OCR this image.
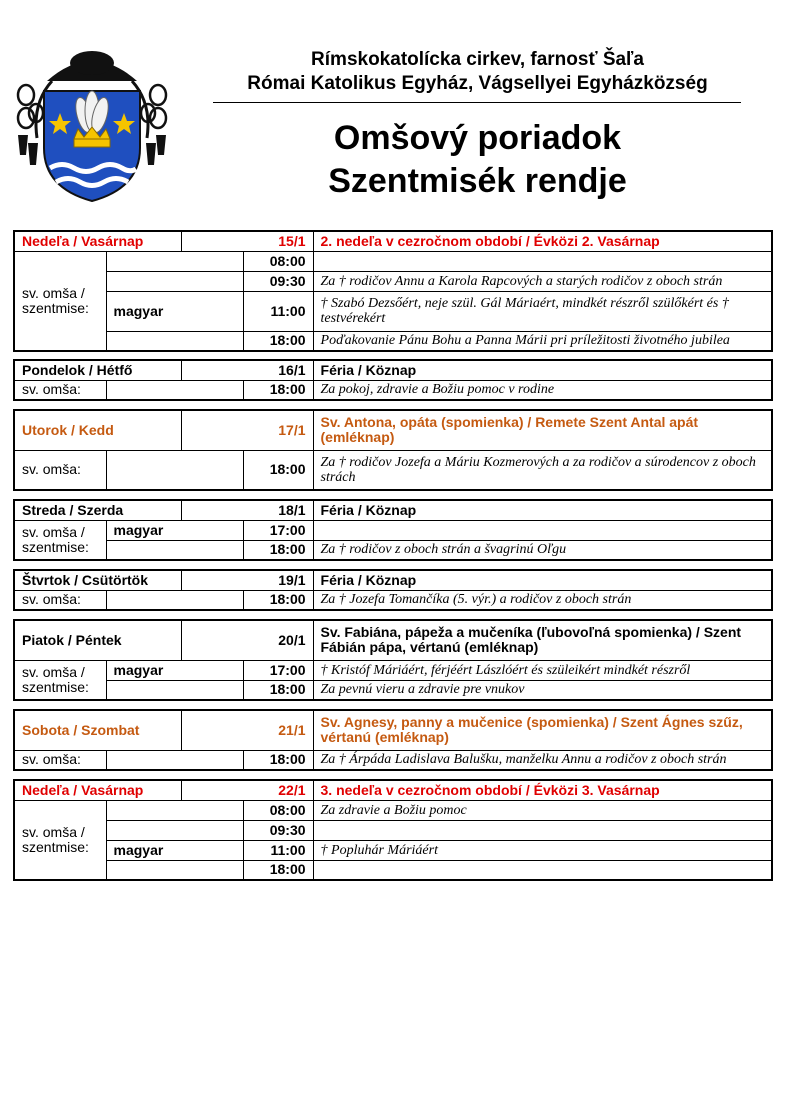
Rímskokatolícka cirkev, farnosť Šaľa
Római Katolikus Egyház, Vágsellyei Egyházközség
Omšový poriadok
Szentmisék rendje
Nedeľa / Vasárnap		15/1		2. nedeľa v cezročnom období / Évközi 2. Vasárnap
sv. omša / szentmise:			08:00	
			09:30	Za † rodičov Annu a Karola Rapcových a starých rodičov z oboch strán
	magyar		11:00	† Szabó Dezsőért, neje szül. Gál Máriaért, mindkét részről szülőkért és † testvérekért
			18:00	Poďakovanie Pánu Bohu a Panna Márii pri príležitosti životného jubilea
Pondelok / Hétfő		16/1		Féria / Köznap
sv. omša:			18:00	Za pokoj, zdravie a Božiu pomoc v rodine
Utorok / Kedd		17/1		Sv. Antona, opáta (spomienka) / Remete Szent Antal apát (emléknap)
sv. omša:			18:00	Za † rodičov Jozefa a Máriu Kozmerových a za rodičov a súrodencov z oboch strách
Streda / Szerda		18/1		Féria / Köznap
sv. omša / szentmise:	magyar		17:00	
			18:00	Za † rodičov z oboch strán a švagrinú Oľgu
Štvrtok / Csütörtök		19/1		Féria / Köznap
sv. omša:			18:00	Za † Jozefa Tomančíka (5. výr.) a rodičov z oboch strán
Piatok / Péntek		20/1		Sv. Fabiána, pápeža a mučeníka (ľubovoľná spomienka) / Szent Fábián pápa, vértanú (emléknap)
sv. omša / szentmise:	magyar		17:00	† Kristóf Máriáért, férjéért Lászlóért és szüleikért mindkét részről
			18:00	Za pevnú vieru a zdravie pre vnukov
Sobota / Szombat		21/1		Sv. Agnesy, panny a mučenice (spomienka) / Szent Ágnes szűz, vértanú (emléknap)
sv. omša:			18:00	Za † Árpáda Ladislava Balušku, manželku Annu a rodičov z oboch strán
Nedeľa / Vasárnap		22/1		3. nedeľa v cezročnom období / Évközi 3. Vasárnap
sv. omša / szentmise:			08:00	Za zdravie a Božiu pomoc
			09:30	
	magyar		11:00	† Popluhár Máriáért
			18:00	
